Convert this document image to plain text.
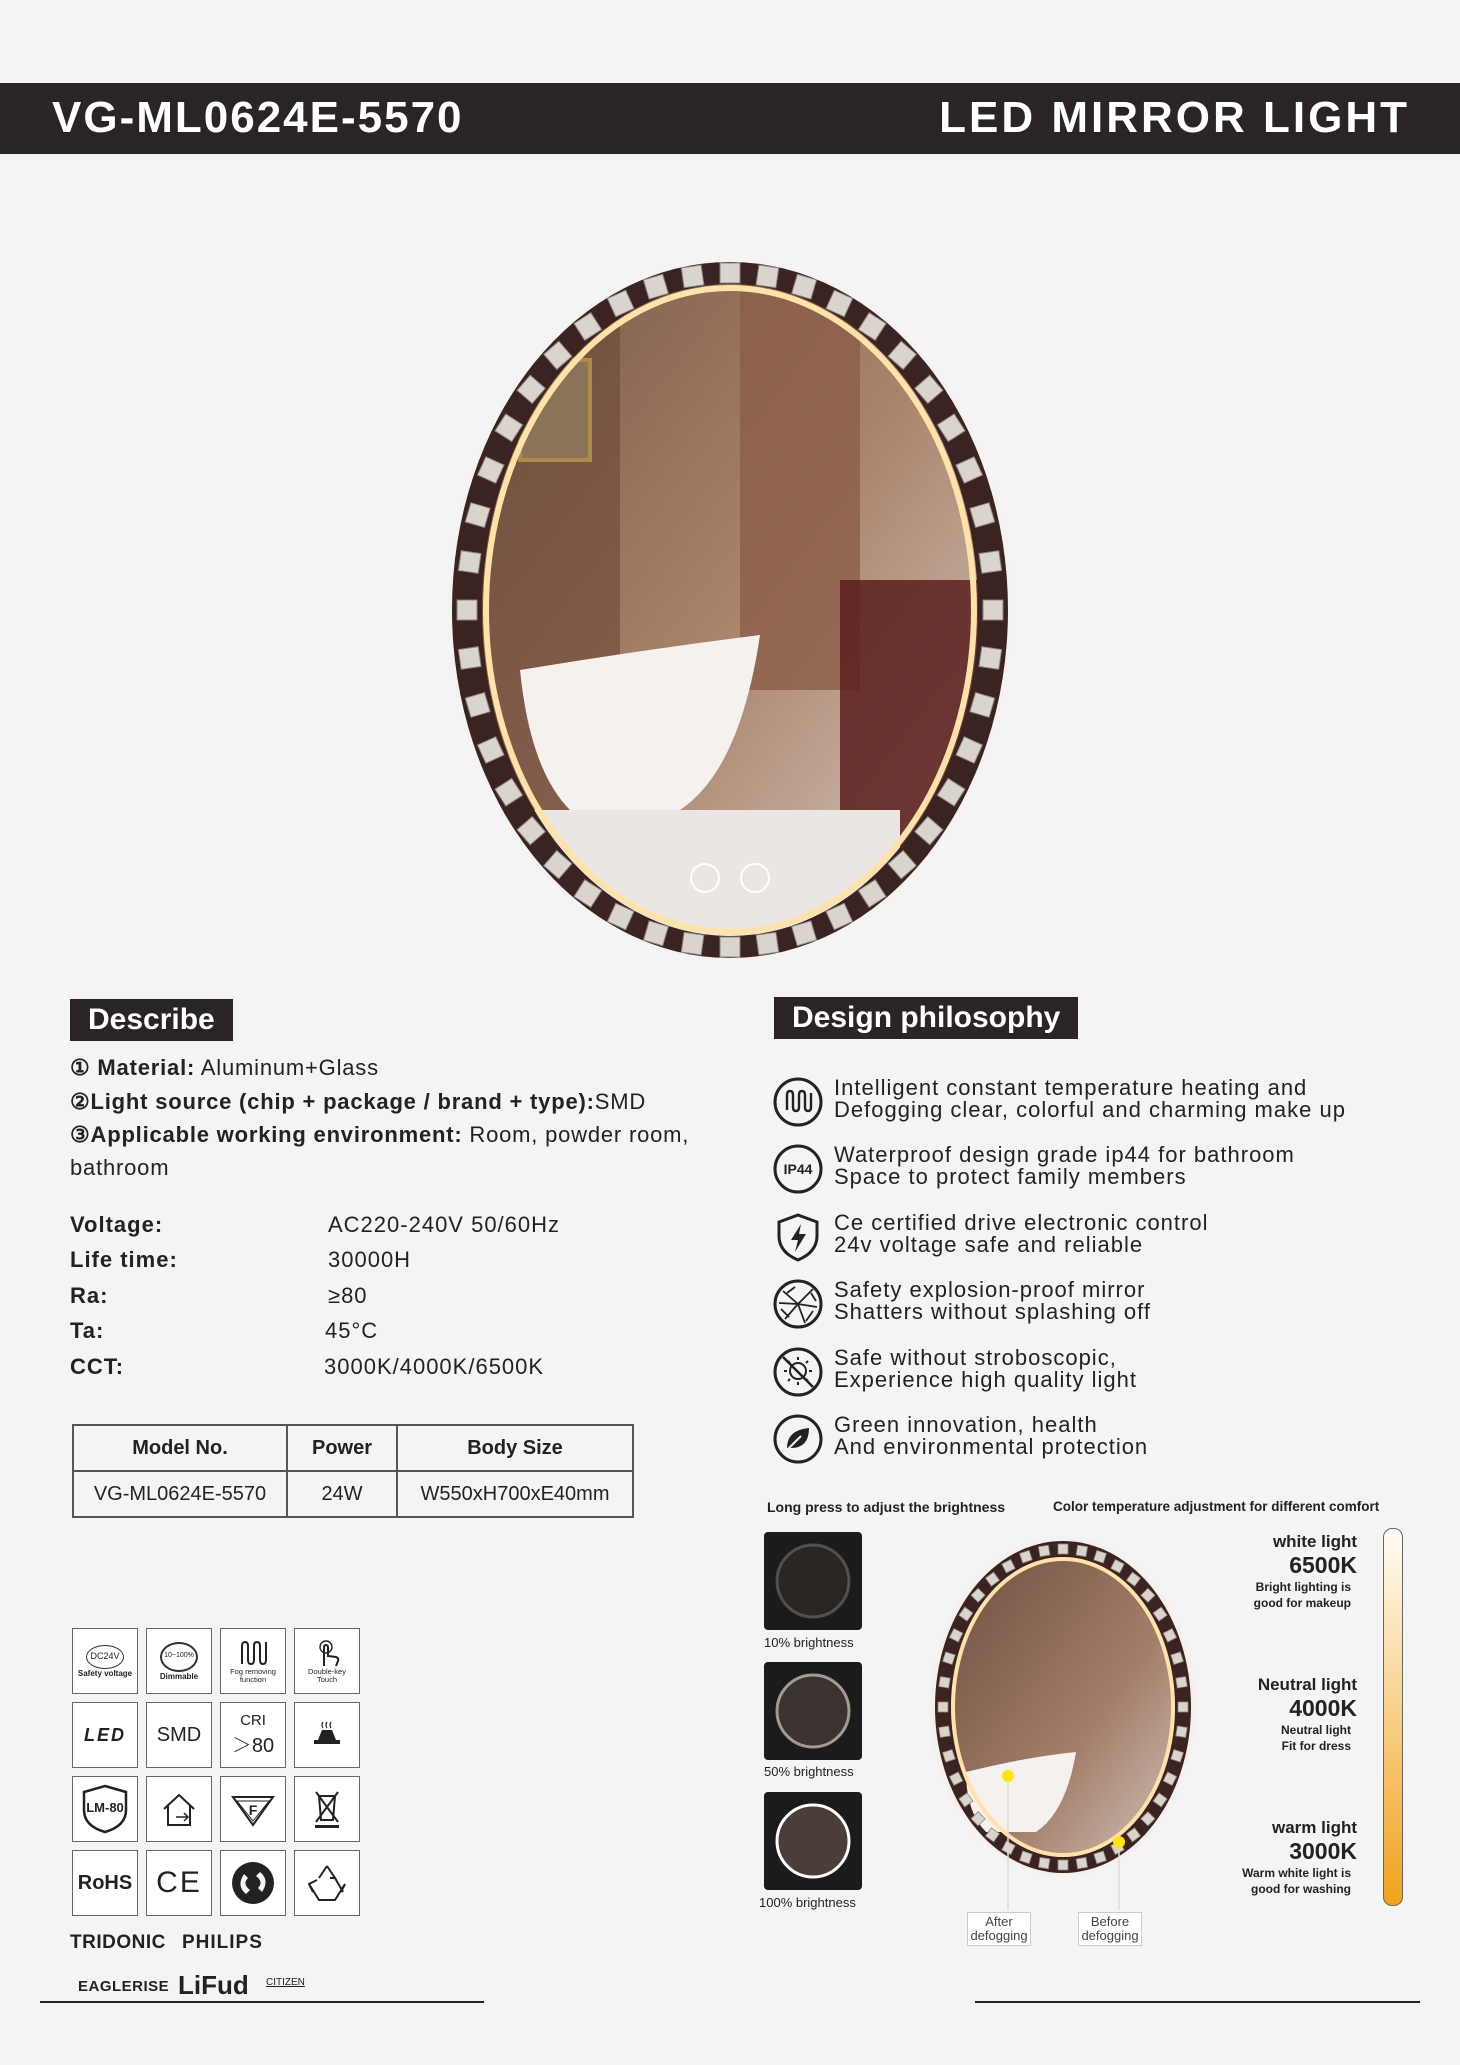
VG-ML0624E-5570	LED MIRROR LIGHT
Describe
① Material: Aluminum+Glass
②Light source (chip + package / brand + type):SMD
③Applicable working environment: Room, powder room,
bathroom
Voltage:	AC220-240V 50/60Hz
Life time:	30000H
Ra:	≥80
Ta:	45°C
CCT:	3000K/4000K/6500K
Model No.	Power	Body Size
VG-ML0624E-5570	24W	W550xH700xE40mm
Design philosophy
Intelligent constant temperature heating and
Defogging clear, colorful and charming make up
IP44
Waterproof design grade ip44 for bathroom
Space to protect family members
Ce certified drive electronic control
24v voltage safe and reliable
Safety explosion-proof mirror
Shatters without splashing off
Safe without stroboscopic,
Experience high quality light
Green innovation, health
And environmental protection
DC24V
Safety voltage
10~100%
Dimmable	Fog removing
function
Double-key
Touch
LED SMD
CRI
＞80
LM-80	F
RoHS CE
TRIDONIC PHILIPS
EAGLERISE LiFud CITIZEN
Long press to adjust the brightness
10% brightness
50% brightness
100% brightness
Color temperature adjustment for different comfort
After
defogging
Before
defogging
white light
6500K
Bright lighting is
good for makeup
Neutral light
4000K
Neutral light
Fit for dress
warm light
3000K
Warm white light is
good for washing
